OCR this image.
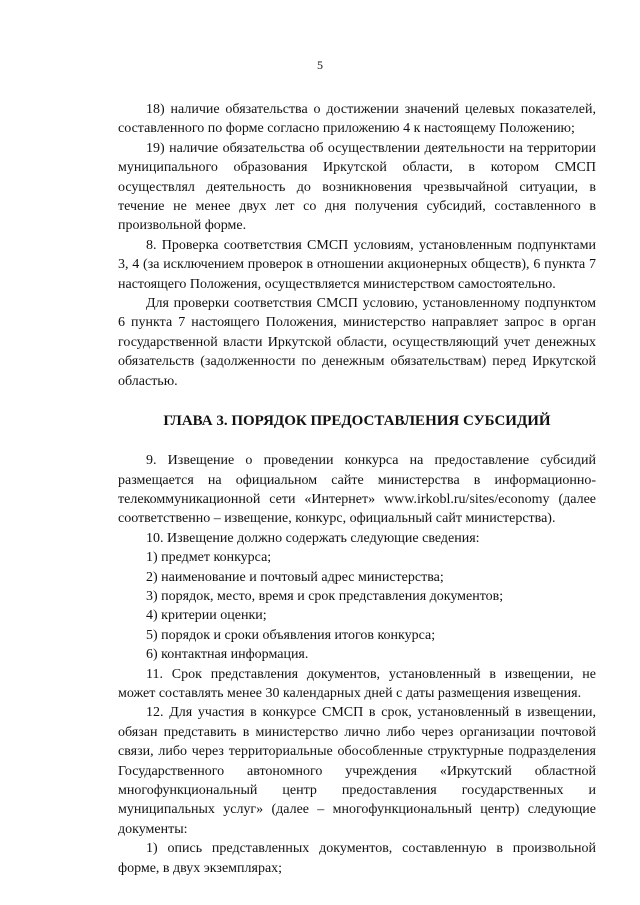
5

18) наличие обязательства о достижении значений целевых показателей, составленного по форме согласно приложению 4 к настоящему Положению;

19) наличие обязательства об осуществлении деятельности на территории муниципального образования Иркутской области, в котором СМСП осуществлял деятельность до возникновения чрезвычайной ситуации, в течение не менее двух лет со дня получения субсидий, составленного в произвольной форме.

8. Проверка соответствия СМСП условиям, установленным подпунктами 3, 4 (за исключением проверок в отношении акционерных обществ), 6 пункта 7 настоящего Положения, осуществляется министерством самостоятельно.

Для проверки соответствия СМСП условию, установленному подпунктом 6 пункта 7 настоящего Положения, министерство направляет запрос в орган государственной власти Иркутской области, осуществляющий учет денежных обязательств (задолженности по денежным обязательствам) перед Иркутской областью.

ГЛАВА 3. ПОРЯДОК ПРЕДОСТАВЛЕНИЯ СУБСИДИЙ

9. Извещение о проведении конкурса на предоставление субсидий размещается на официальном сайте министерства в информационно-телекоммуникационной сети «Интернет» www.irkobl.ru/sites/economy (далее соответственно – извещение, конкурс, официальный сайт министерства).

10. Извещение должно содержать следующие сведения:

1) предмет конкурса;

2) наименование и почтовый адрес министерства;

3) порядок, место, время и срок представления документов;

4) критерии оценки;

5) порядок и сроки объявления итогов конкурса;

6) контактная информация.

11. Срок представления документов, установленный в извещении, не может составлять менее 30 календарных дней с даты размещения извещения.

12. Для участия в конкурсе СМСП в срок, установленный в извещении, обязан представить в министерство лично либо через организации почтовой связи, либо через территориальные обособленные структурные подразделения Государственного автономного учреждения «Иркутский областной многофункциональный центр предоставления государственных и муниципальных услуг» (далее – многофункциональный центр) следующие документы:

1) опись представленных документов, составленную в произвольной форме, в двух экземплярах;
